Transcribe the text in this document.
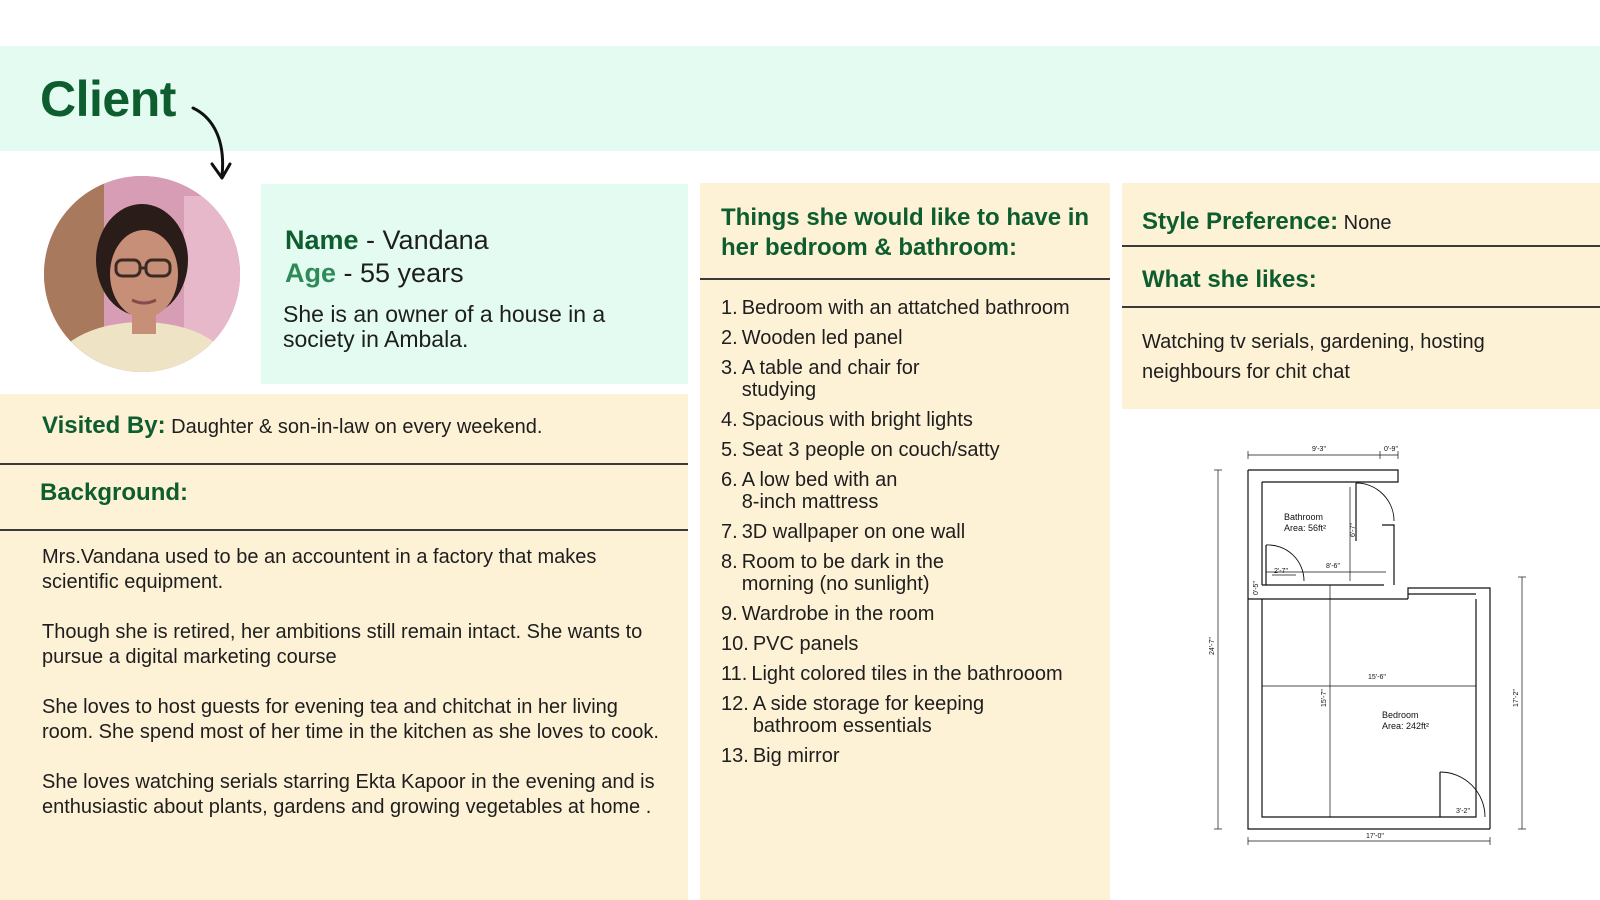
Client
Name - Vandana
Age - 55 years
She is an owner of a house in a society in Ambala.
Visited By: Daughter & son-in-law on every weekend.
Background:

Mrs.Vandana used to be an accountent in a factory that makes scientific equipment.

Though she is retired, her ambitions still remain intact. She wants to pursue a digital marketing course

She loves to host guests for evening tea and chitchat in her living room. She spend most of her time in the kitchen as she loves to cook.

She loves watching serials starring Ekta Kapoor in the evening and is enthusiastic about plants, gardens and growing vegetables at home .

Things she would like to have in her bedroom & bathroom:
1. Bedroom with an attatched bathroom
2. Wooden led panel
3. A table and chair for studying
4. Spacious with bright lights
5. Seat 3 people on couch/satty
6. A low bed with an 8-inch mattress
7. 3D wallpaper on one wall
8. Room to be dark in the morning (no sunlight)
9. Wardrobe in the room
10. PVC panels
11. Light colored tiles in the bathrooom
12. A side storage for keeping bathroom essentials
13. Big mirror
Style Preference: None
What she likes:
Watching tv serials, gardening, hosting neighbours for chit chat
Bathroom
Area: 56ft²
Bedroom
Area: 242ft²
9'-3"	0'-9"
8'-6"
2'-7"
15'-6"
3'-2"
17'-0"
6'-7"
0'-5"
24'-7"
15'-7"	17'-2"
